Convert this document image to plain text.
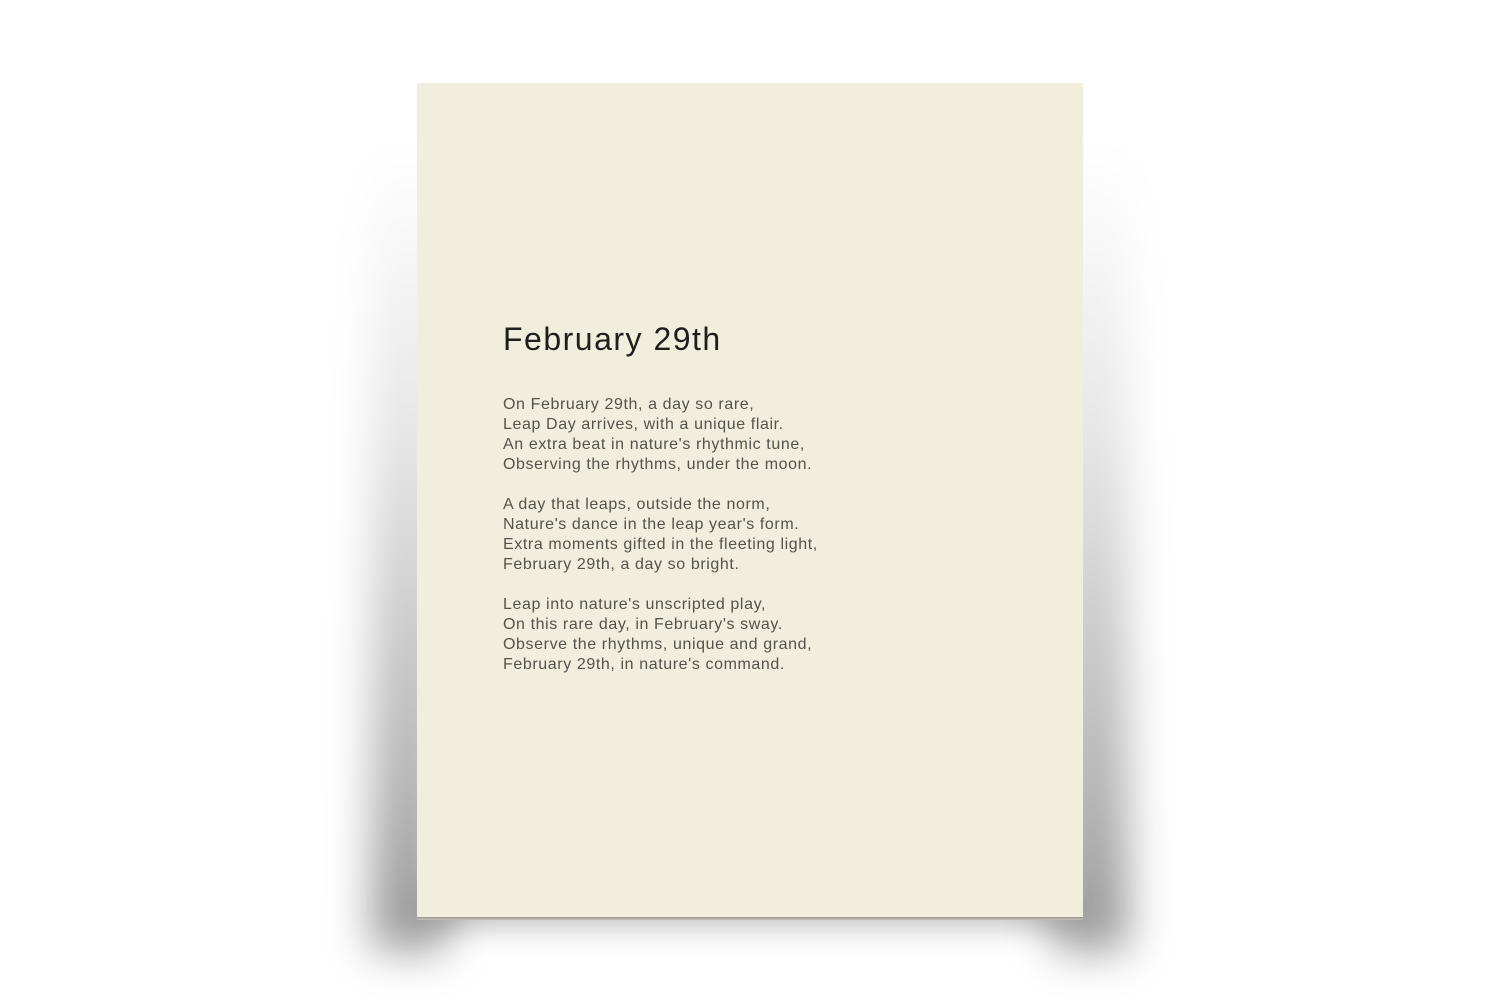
February 29th
On February 29th, a day so rare,
Leap Day arrives, with a unique flair.
An extra beat in nature's rhythmic tune,
Observing the rhythms, under the moon.
A day that leaps, outside the norm,
Nature's dance in the leap year's form.
Extra moments gifted in the fleeting light,
February 29th, a day so bright.
Leap into nature's unscripted play,
On this rare day, in February's sway.
Observe the rhythms, unique and grand,
February 29th, in nature's command.
